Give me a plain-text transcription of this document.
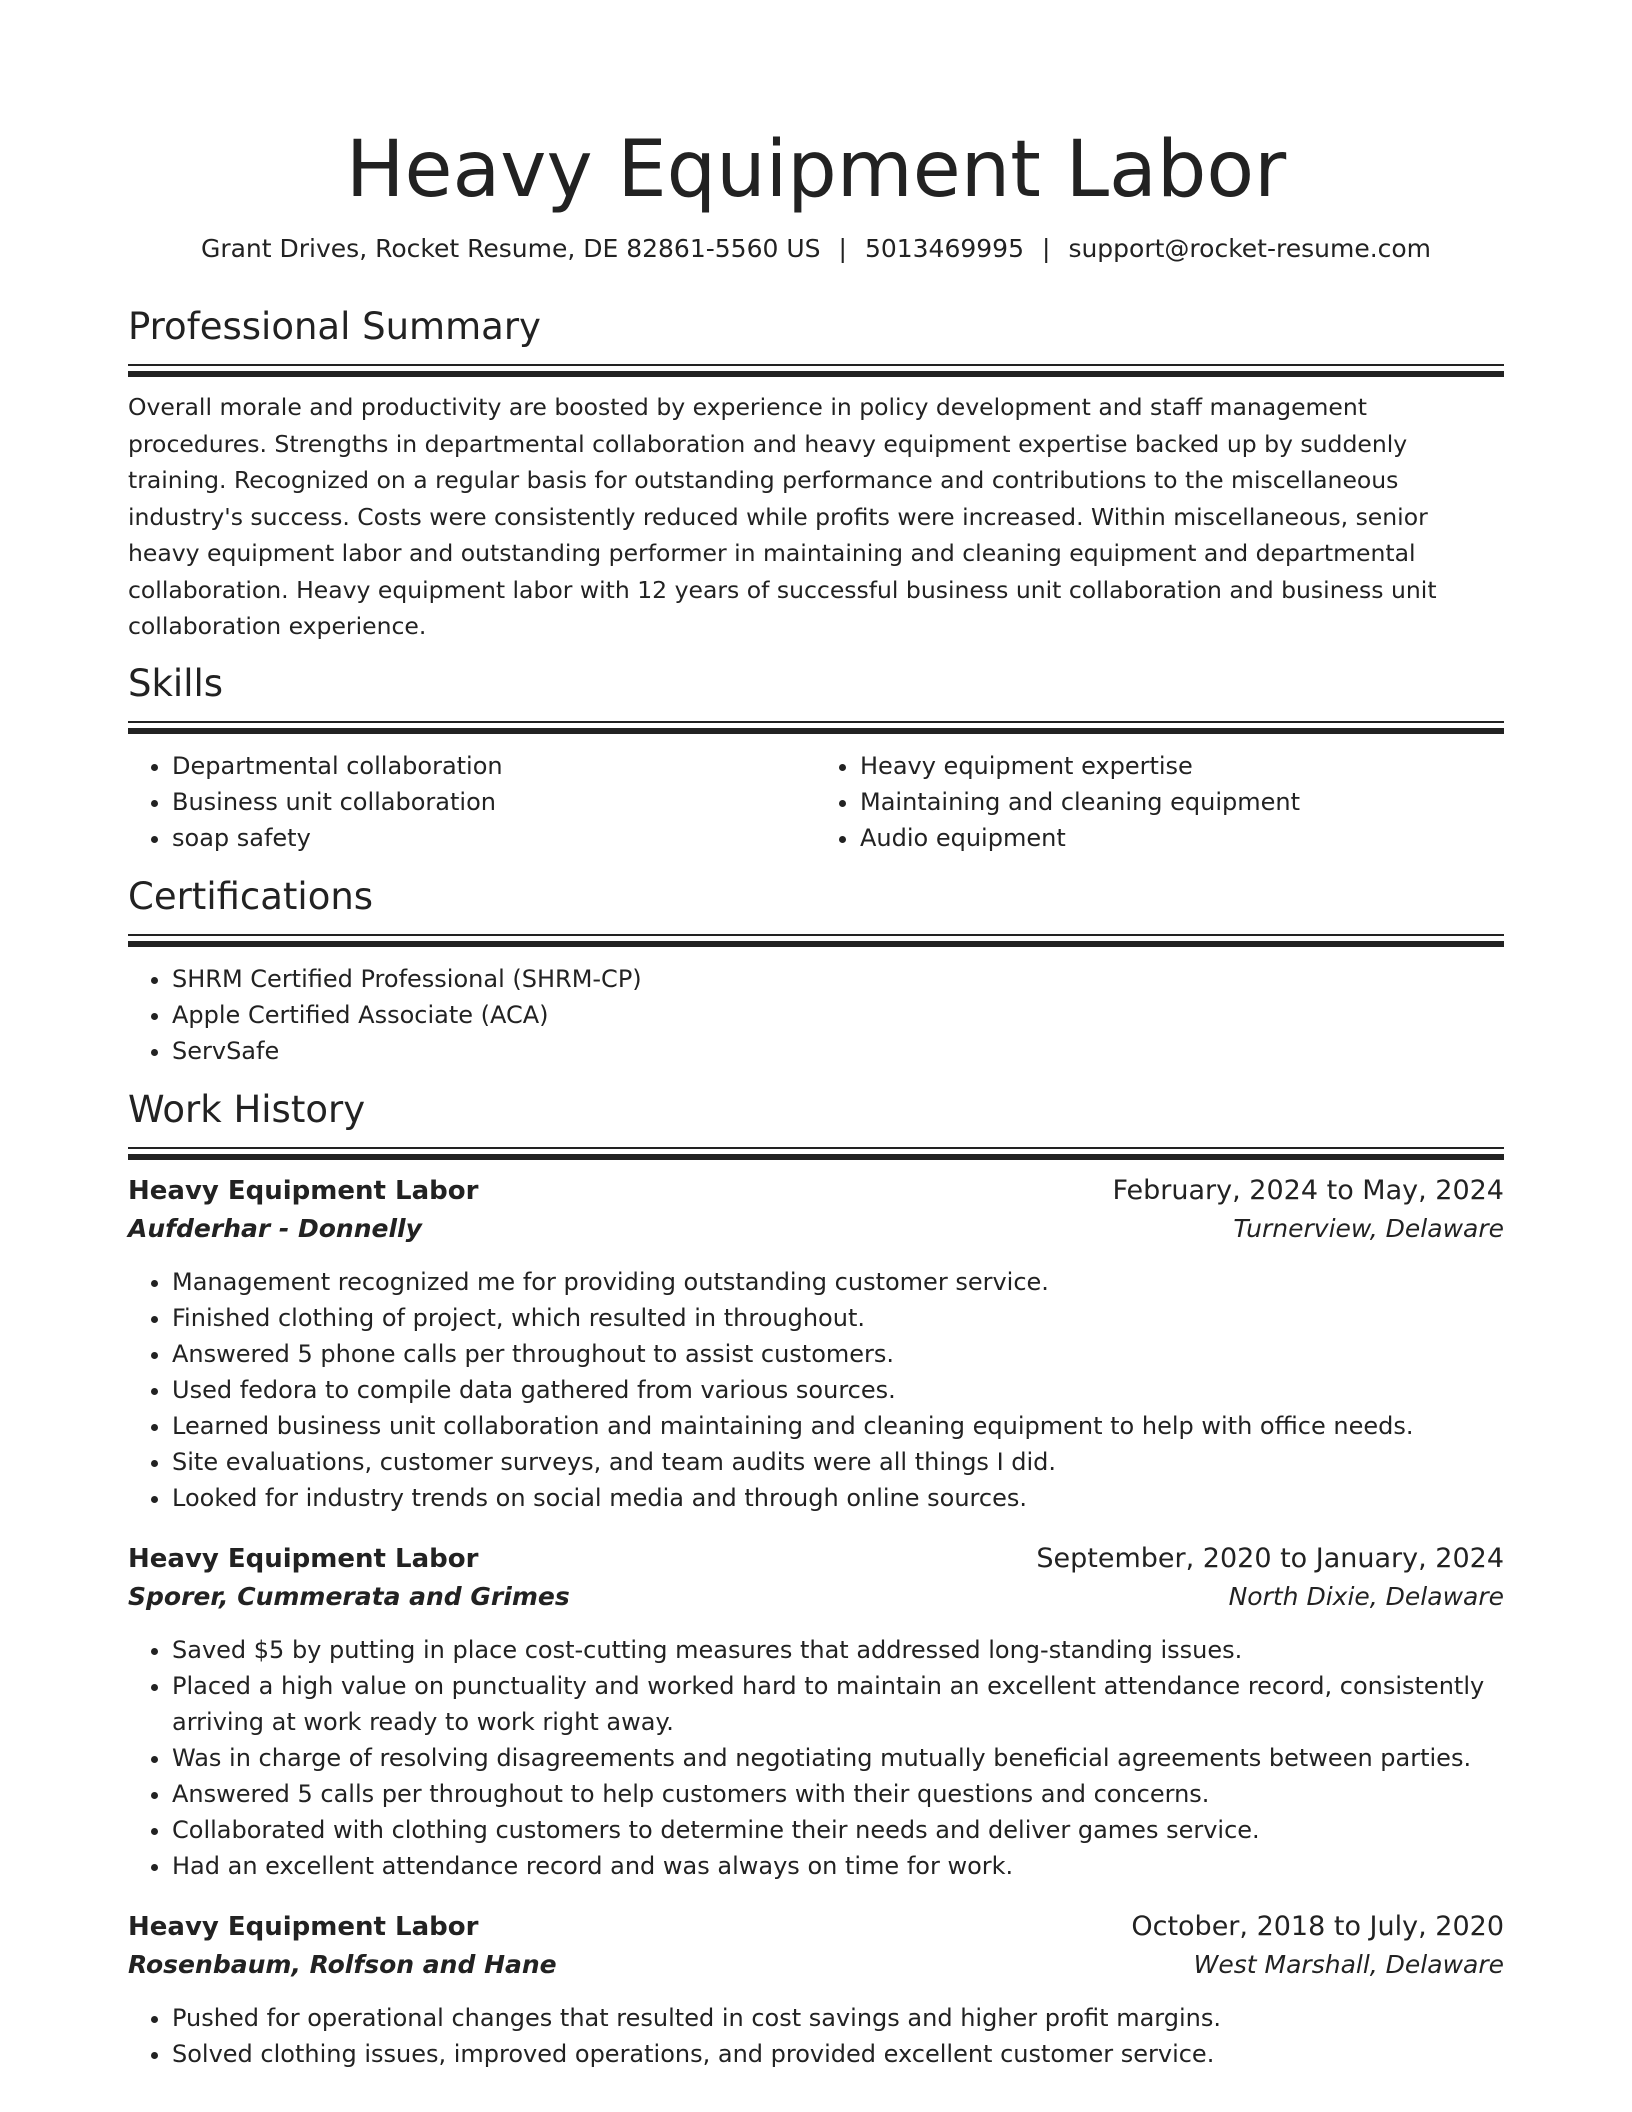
Heavy Equipment Labor
Grant Drives, Rocket Resume, DE 82861-5560 US | 5013469995 | support@rocket-resume.com
Professional Summary

Overall morale and productivity are boosted by experience in policy development and staff management procedures. Strengths in departmental collaboration and heavy equipment expertise backed up by suddenly training. Recognized on a regular basis for outstanding performance and contributions to the miscellaneous industry's success. Costs were consistently reduced while profits were increased. Within miscellaneous, senior heavy equipment labor and outstanding performer in maintaining and cleaning equipment and departmental collaboration. Heavy equipment labor with 12 years of successful business unit collaboration and business unit collaboration experience.

Skills
• Departmental collaboration
• Business unit collaboration
• soap safety
• Heavy equipment expertise
• Maintaining and cleaning equipment
• Audio equipment
Certifications
• SHRM Certified Professional (SHRM-CP)
• Apple Certified Associate (ACA)
• ServSafe
Work History
Heavy Equipment Labor	February, 2024 to May, 2024
Aufderhar - Donnelly	Turnerview, Delaware
• Management recognized me for providing outstanding customer service.
• Finished clothing of project, which resulted in throughout.
• Answered 5 phone calls per throughout to assist customers.
• Used fedora to compile data gathered from various sources.
• Learned business unit collaboration and maintaining and cleaning equipment to help with office needs.
• Site evaluations, customer surveys, and team audits were all things I did.
• Looked for industry trends on social media and through online sources.
Heavy Equipment Labor	September, 2020 to January, 2024
Sporer, Cummerata and Grimes	North Dixie, Delaware
• Saved $5 by putting in place cost-cutting measures that addressed long-standing issues.
• Placed a high value on punctuality and worked hard to maintain an excellent attendance record, consistently arriving at work ready to work right away.
• Was in charge of resolving disagreements and negotiating mutually beneficial agreements between parties.
• Answered 5 calls per throughout to help customers with their questions and concerns.
• Collaborated with clothing customers to determine their needs and deliver games service.
• Had an excellent attendance record and was always on time for work.
Heavy Equipment Labor	October, 2018 to July, 2020
Rosenbaum, Rolfson and Hane	West Marshall, Delaware
• Pushed for operational changes that resulted in cost savings and higher profit margins.
• Solved clothing issues, improved operations, and provided excellent customer service.
